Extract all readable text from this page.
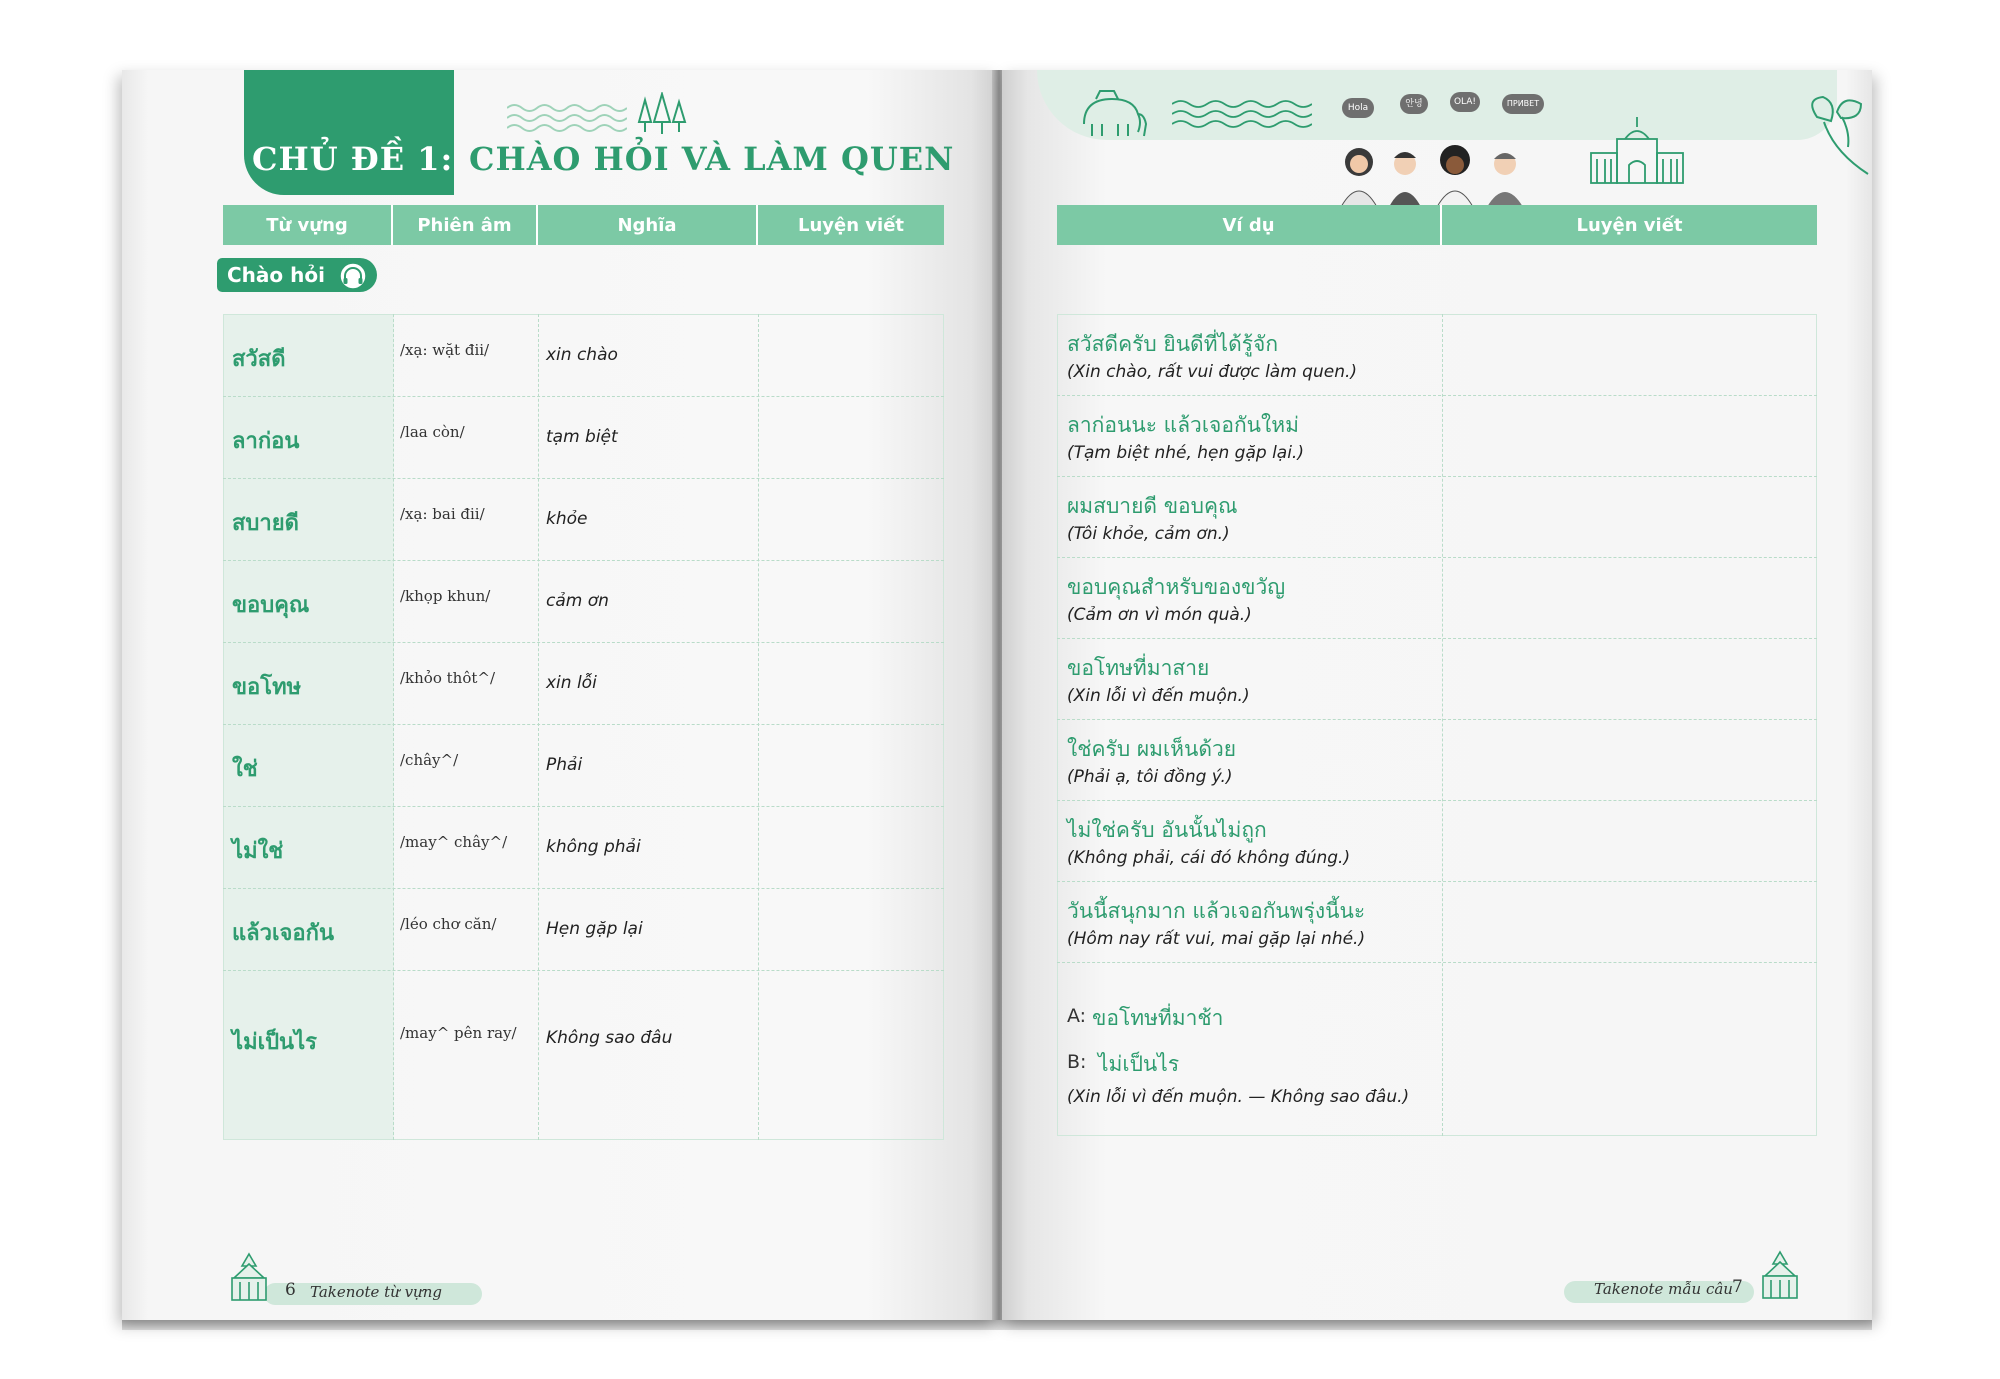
CHỦ ĐỀ 1: CHÀO HỎI VÀ LÀM QUEN
Từ vựng	Phiên âm	Nghĩa	Luyện viết
Chào hỏi
สวัสดี	/xạ: wặt đii/	xin chào
ลาก่อน	/laa còn/	tạm biệt
สบายดี	/xạ: bai đii/	khỏe
ขอบคุณ	/khọp khun/	cảm ơn
ขอโทษ	/khỏo thôt^/	xin lỗi
ใช่	/chây^/	Phải
ไม่ใช่	/may^ chây^/ không phải
แล้วเจอกัน	/léo chơ căn/	Hẹn gặp lại
ไม่เป็นไร	/may^ pên ray/ Không sao đâu
6 Takenote từ vựng
Hola	안녕	OLA!	ПРИВЕТ
Ví dụ	Luyện viết
สวัสดีครับ ยินดีที่ได้รู้จัก
(Xin chào, rất vui được làm quen.)
ลาก่อนนะ แล้วเจอกันใหม่
(Tạm biệt nhé, hẹn gặp lại.)
ผมสบายดี ขอบคุณ
(Tôi khỏe, cảm ơn.)
ขอบคุณสำหรับของขวัญ
(Cảm ơn vì món quà.)
ขอโทษที่มาสาย
(Xin lỗi vì đến muộn.)
ใช่ครับ ผมเห็นด้วย
(Phải ạ, tôi đồng ý.)
ไม่ใช่ครับ อันนั้นไม่ถูก
(Không phải, cái đó không đúng.)
วันนี้สนุกมาก แล้วเจอกันพรุ่งนี้นะ
(Hôm nay rất vui, mai gặp lại nhé.)
A: ขอโทษที่มาช้า
B: ไม่เป็นไร
(Xin lỗi vì đến muộn. — Không sao đâu.)
Takenote mẫu câu 7
